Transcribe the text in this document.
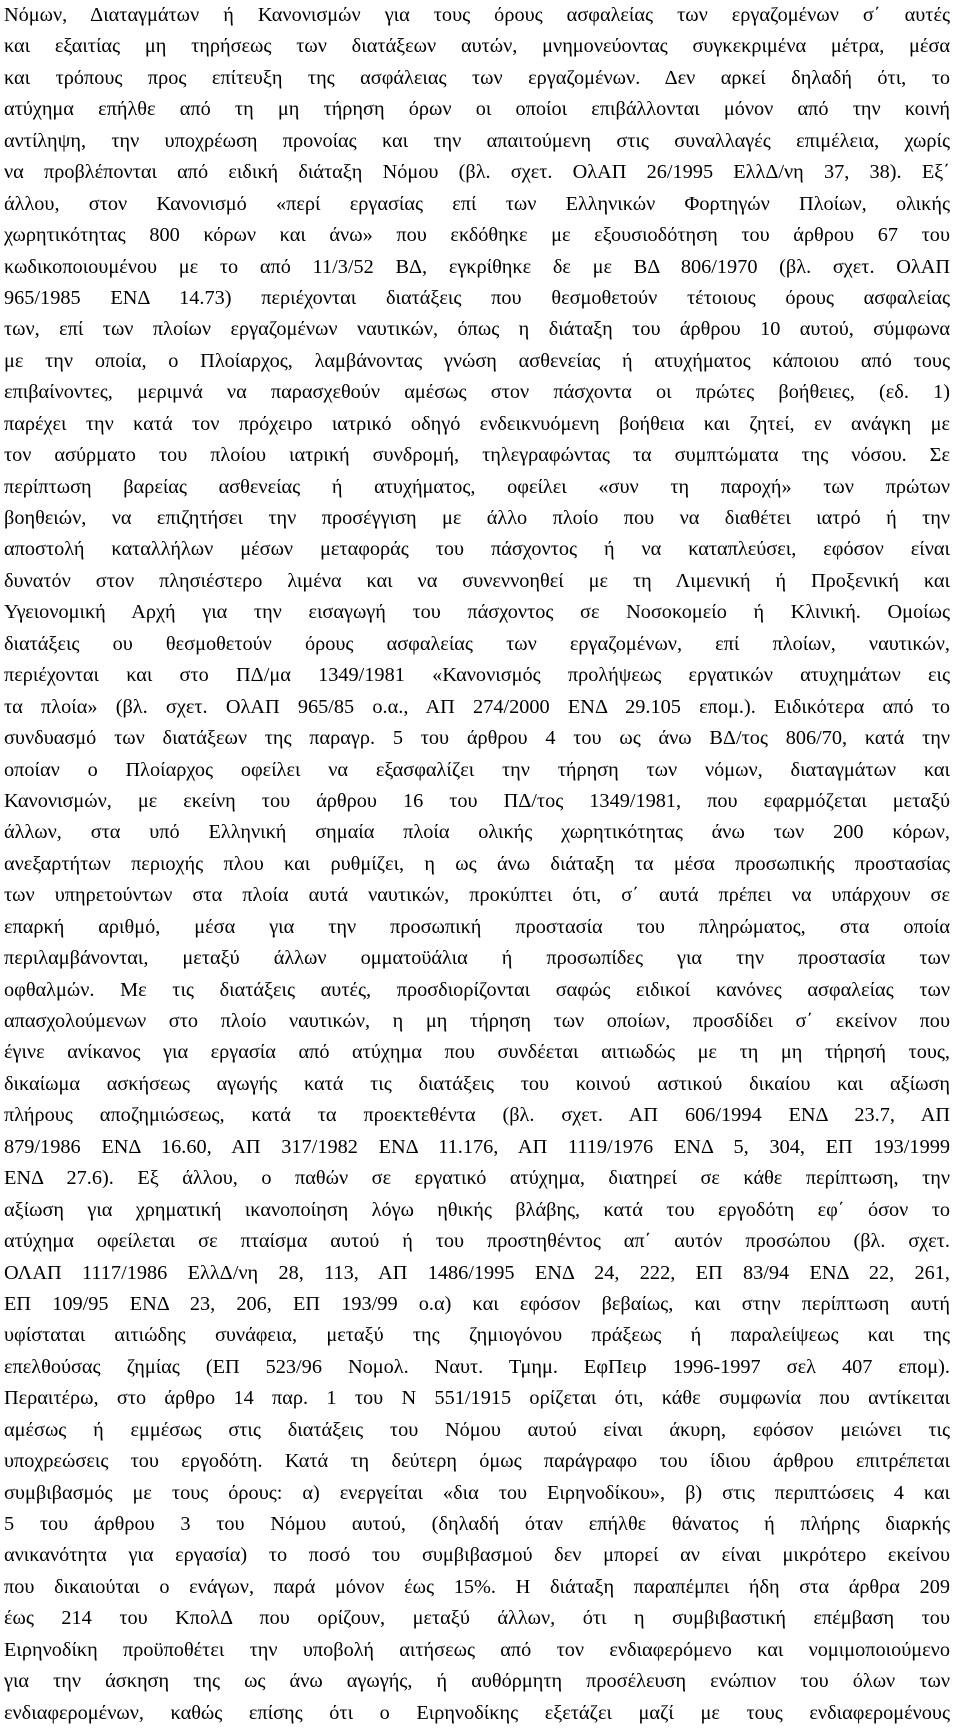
Νόμων, Διαταγμάτων ή Κανονισμών για τους όρους ασφαλείας των εργαζομένων σ΄ αυτές
και εξαιτίας μη τηρήσεως των διατάξεων αυτών, μνημονεύοντας συγκεκριμένα μέτρα, μέσα
και τρόπους προς επίτευξη της ασφάλειας των εργαζομένων. Δεν αρκεί δηλαδή ότι, το
ατύχημα επήλθε από τη μη τήρηση όρων οι οποίοι επιβάλλονται μόνον από την κοινή
αντίληψη, την υποχρέωση προνοίας και την απαιτούμενη στις συναλλαγές επιμέλεια, χωρίς
να προβλέπονται από ειδική διάταξη Νόμου (βλ. σχετ. ΟλΑΠ 26/1995 ΕλλΔ/νη 37, 38). Εξ΄
άλλου, στον Κανονισμό «περί εργασίας επί των Ελληνικών Φορτηγών Πλοίων, ολικής
χωρητικότητας 800 κόρων και άνω» που εκδόθηκε με εξουσιοδότηση του άρθρου 67 του
κωδικοποιουμένου με το από 11/3/52 ΒΔ, εγκρίθηκε δε με ΒΔ 806/1970 (βλ. σχετ. ΟλΑΠ
965/1985 ΕΝΔ 14.73) περιέχονται διατάξεις που θεσμοθετούν τέτοιους όρους ασφαλείας
των, επί των πλοίων εργαζομένων ναυτικών, όπως η διάταξη του άρθρου 10 αυτού, σύμφωνα
με την οποία, ο Πλοίαρχος, λαμβάνοντας γνώση ασθενείας ή ατυχήματος κάποιου από τους
επιβαίνοντες, μεριμνά να παρασχεθούν αμέσως στον πάσχοντα οι πρώτες βοήθειες, (εδ. 1)
παρέχει την κατά τον πρόχειρο ιατρικό οδηγό ενδεικνυόμενη βοήθεια και ζητεί, εν ανάγκη με
τον ασύρματο του πλοίου ιατρική συνδρομή, τηλεγραφώντας τα συμπτώματα της νόσου. Σε
περίπτωση βαρείας ασθενείας ή ατυχήματος, οφείλει «συν τη παροχή» των πρώτων
βοηθειών, να επιζητήσει την προσέγγιση με άλλο πλοίο που να διαθέτει ιατρό ή την
αποστολή καταλλήλων μέσων μεταφοράς του πάσχοντος ή να καταπλεύσει, εφόσον είναι
δυνατόν στον πλησιέστερο λιμένα και να συνεννοηθεί με τη Λιμενική ή Προξενική και
Υγειονομική Αρχή για την εισαγωγή του πάσχοντος σε Νοσοκομείο ή Κλινική. Ομοίως
διατάξεις ου θεσμοθετούν όρους ασφαλείας των εργαζομένων, επί πλοίων, ναυτικών,
περιέχονται και στο ΠΔ/μα 1349/1981 «Κανονισμός προλήψεως εργατικών ατυχημάτων εις
τα πλοία» (βλ. σχετ. ΟλΑΠ 965/85 ο.α., ΑΠ 274/2000 ΕΝΔ 29.105 επομ.). Ειδικότερα από το
συνδυασμό των διατάξεων της παραγρ. 5 του άρθρου 4 του ως άνω ΒΔ/τος 806/70, κατά την
οποίαν ο Πλοίαρχος οφείλει να εξασφαλίζει την τήρηση των νόμων, διαταγμάτων και
Κανονισμών, με εκείνη του άρθρου 16 του ΠΔ/τος 1349/1981, που εφαρμόζεται μεταξύ
άλλων, στα υπό Ελληνική σημαία πλοία ολικής χωρητικότητας άνω των 200 κόρων,
ανεξαρτήτων περιοχής πλου και ρυθμίζει, η ως άνω διάταξη τα μέσα προσωπικής προστασίας
των υπηρετούντων στα πλοία αυτά ναυτικών, προκύπτει ότι, σ΄ αυτά πρέπει να υπάρχουν σε
επαρκή αριθμό, μέσα για την προσωπική προστασία του πληρώματος, στα οποία
περιλαμβάνονται, μεταξύ άλλων ομματοϋάλια ή προσωπίδες για την προστασία των
οφθαλμών. Με τις διατάξεις αυτές, προσδιορίζονται σαφώς ειδικοί κανόνες ασφαλείας των
απασχολούμενων στο πλοίο ναυτικών, η μη τήρηση των οποίων, προσδίδει σ΄ εκείνον που
έγινε ανίκανος για εργασία από ατύχημα που συνδέεται αιτιωδώς με τη μη τήρησή τους,
δικαίωμα ασκήσεως αγωγής κατά τις διατάξεις του κοινού αστικού δικαίου και αξίωση
πλήρους αποζημιώσεως, κατά τα προεκτεθέντα (βλ. σχετ. ΑΠ 606/1994 ΕΝΔ 23.7, ΑΠ
879/1986 ΕΝΔ 16.60, ΑΠ 317/1982 ΕΝΔ 11.176, ΑΠ 1119/1976 ΕΝΔ 5, 304, ΕΠ 193/1999
ΕΝΔ 27.6). Εξ άλλου, ο παθών σε εργατικό ατύχημα, διατηρεί σε κάθε περίπτωση, την
αξίωση για χρηματική ικανοποίηση λόγω ηθικής βλάβης, κατά του εργοδότη εφ΄ όσον το
ατύχημα οφείλεται σε πταίσμα αυτού ή του προστηθέντος απ΄ αυτόν προσώπου (βλ. σχετ.
ΟΛΑΠ 1117/1986 ΕλλΔ/νη 28, 113, ΑΠ 1486/1995 ΕΝΔ 24, 222, ΕΠ 83/94 ΕΝΔ 22, 261,
ΕΠ 109/95 ΕΝΔ 23, 206, ΕΠ 193/99 ο.α) και εφόσον βεβαίως, και στην περίπτωση αυτή
υφίσταται αιτιώδης συνάφεια, μεταξύ της ζημιογόνου πράξεως ή παραλείψεως και της
επελθούσας ζημίας (ΕΠ 523/96 Νομολ. Ναυτ. Τμημ. ΕφΠειρ 1996-1997 σελ 407 επομ).
Περαιτέρω, στο άρθρο 14 παρ. 1 του Ν 551/1915 ορίζεται ότι, κάθε συμφωνία που αντίκειται
αμέσως ή εμμέσως στις διατάξεις του Νόμου αυτού είναι άκυρη, εφόσον μειώνει τις
υποχρεώσεις του εργοδότη. Κατά τη δεύτερη όμως παράγραφο του ίδιου άρθρου επιτρέπεται
συμβιβασμός με τους όρους: α) ενεργείται «δια του Ειρηνοδίκου», β) στις περιπτώσεις 4 και
5 του άρθρου 3 του Νόμου αυτού, (δηλαδή όταν επήλθε θάνατος ή πλήρης διαρκής
ανικανότητα για εργασία) το ποσό του συμβιβασμού δεν μπορεί αν είναι μικρότερο εκείνου
που δικαιούται ο ενάγων, παρά μόνον έως 15%. Η διάταξη παραπέμπει ήδη στα άρθρα 209
έως 214 του ΚπολΔ που ορίζουν, μεταξύ άλλων, ότι η συμβιβαστική επέμβαση του
Ειρηνοδίκη προϋποθέτει την υποβολή αιτήσεως από τον ενδιαφερόμενο και νομιμοποιούμενο
για την άσκηση της ως άνω αγωγής, ή αυθόρμητη προσέλευση ενώπιον του όλων των
ενδιαφερομένων, καθώς επίσης ότι ο Ειρηνοδίκης εξετάζει μαζί με τους ενδιαφερομένους
